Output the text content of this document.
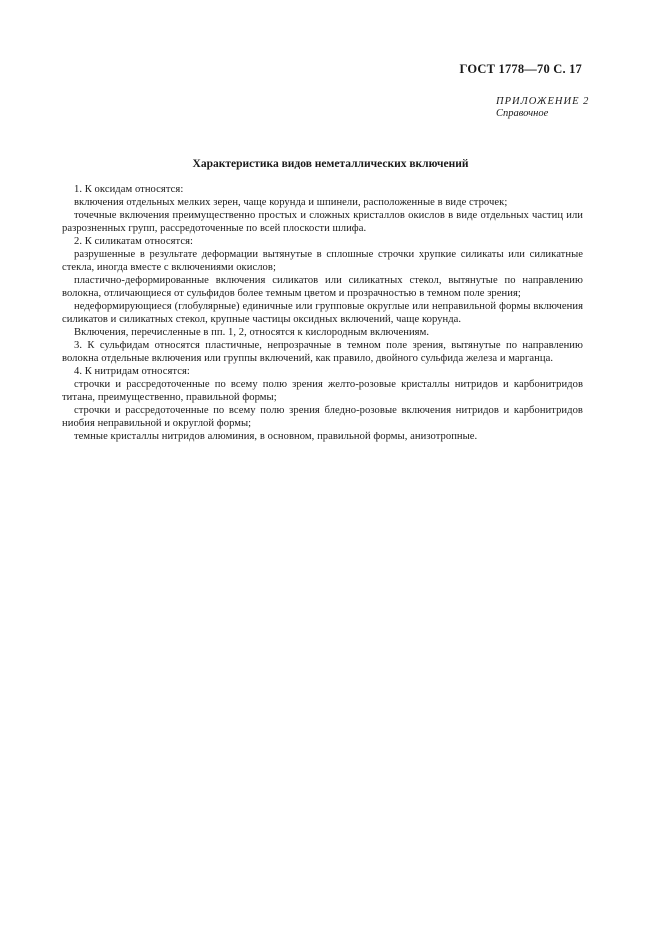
ГОСТ 1778—70 С. 17
ПРИЛОЖЕНИЕ 2
Справочное
Характеристика видов неметаллических включений

1. К оксидам относятся:

включения отдельных мелких зерен, чаще корунда и шпинели, расположенные в виде строчек;

точечные включения преимущественно простых и сложных кристаллов окислов в виде отдельных частиц или разрозненных групп, рассредоточенные по всей плоскости шлифа.

2. К силикатам относятся:

разрушенные в результате деформации вытянутые в сплошные строчки хрупкие силикаты или силикатные стекла, иногда вместе с включениями окислов;

пластично-деформированные включения силикатов или силикатных стекол, вытянутые по направлению волокна, отличающиеся от сульфидов более темным цветом и прозрачностью в темном поле зрения;

недеформирующиеся (глобулярные) единичные или групповые округлые или неправильной формы включения силикатов и силикатных стекол, крупные частицы оксидных включений, чаще корунда.

Включения, перечисленные в пп. 1, 2, относятся к кислородным включениям.

3. К сульфидам относятся пластичные, непрозрачные в темном поле зрения, вытянутые по направлению волокна отдельные включения или группы включений, как правило, двойного сульфида железа и марганца.

4. К нитридам относятся:

строчки и рассредоточенные по всему полю зрения желто-розовые кристаллы нитридов и карбонитридов титана, преимущественно, правильной формы;

строчки и рассредоточенные по всему полю зрения бледно-розовые включения нитридов и карбонитридов ниобия неправильной и округлой формы;

темные кристаллы нитридов алюминия, в основном, правильной формы, анизотропные.
